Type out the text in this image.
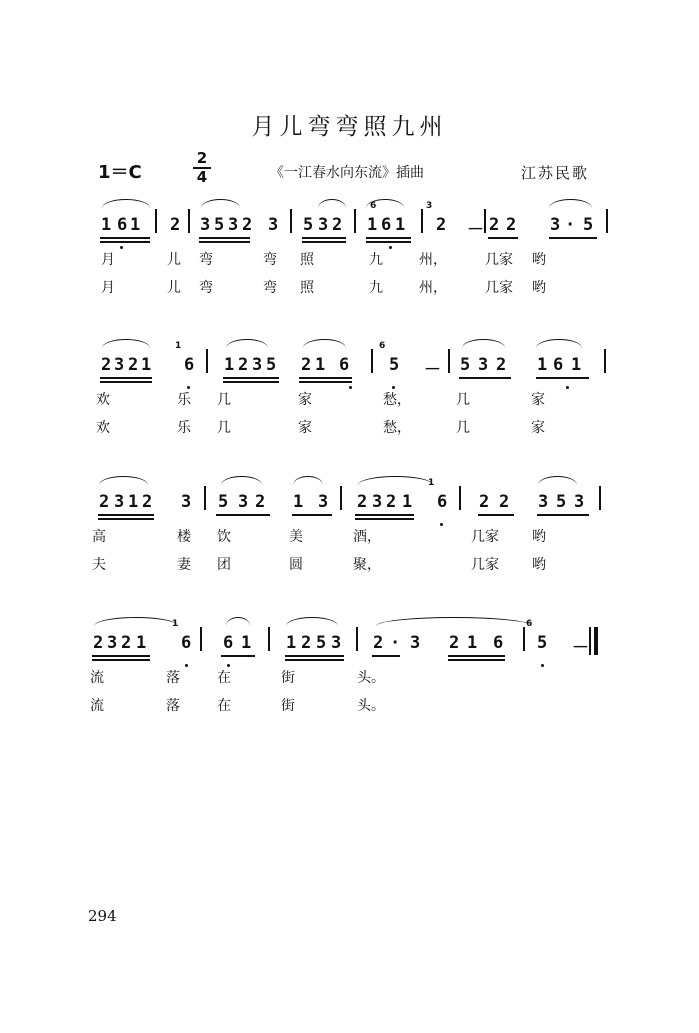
月儿弯弯照九州
1＝C
2
4	《一江春水向东流》插曲	江苏民歌
1 6 1 2 3 5 3 2 3 5 3 2 1 6 1 2 － 2 2 3 · 5
3
6
月	儿 弯	弯 照	九	州，	几家 哟
月	儿 弯	弯 照	九	州，	几家 哟
2 3 2 1 6 1 2 3 5 2 1 6 5 － 5 3 2 1 6 1
1	6
欢	乐 几	家	愁，	几	家
欢	乐 几	家	愁，	几	家
2 3 1 2 3 5 3 2 1 3 2 3 2 1 6 2 2 3 5 3
1
高	楼 饮	美	酒，	几家 哟
夫	妻 团	圆	聚，	几家 哟
2 3 2 1 6 6 1 1 2 5 3 2 · 3 2 1 6 5 －
1	6
流	落	在	街	头。
流	落	在	街	头。
294
